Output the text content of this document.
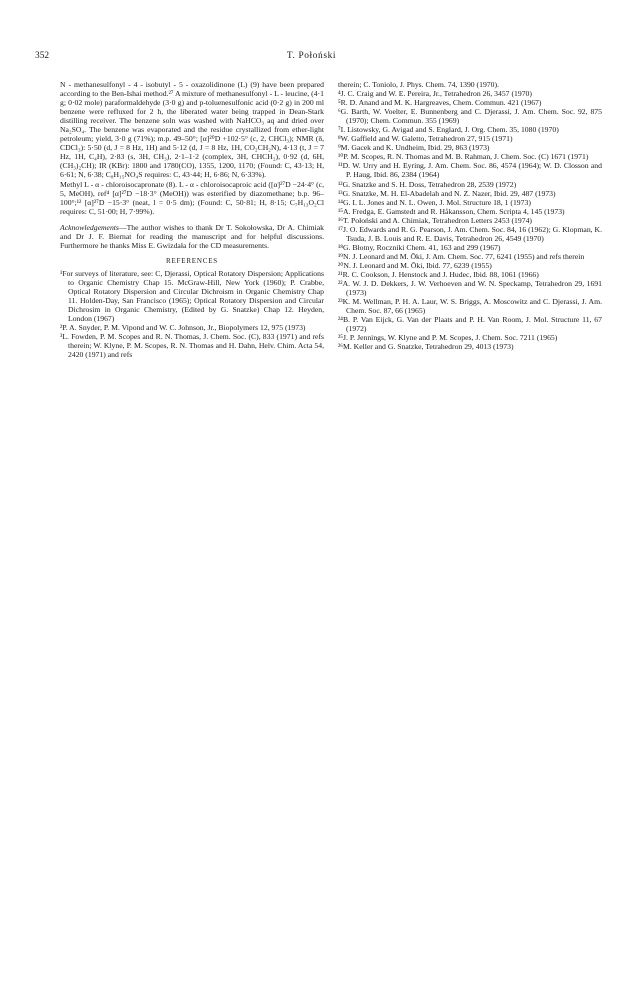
352	T. Połoński

N - methanesulfonyl - 4 - isobutyl - 5 - oxazolidinone (L) (9) have been prepared according to the Ben-Ishai method.²⁷ A mixture of methanesulfonyl - L - leucine, (4·1 g; 0·02 mole) paraformaldehyde (3·0 g) and p-toluenesulfonic acid (0·2 g) in 200 ml benzene were refluxed for 2 h, the liberated water being trapped in Dean-Stark distilling receiver. The benzene soln was washed with NaHCO₃ aq and dried over Na₂SO₄. The benzene was evaporated and the residue crystallized from ether-light petroleum; yield, 3·0 g (71%); m.p. 49–50°; [α]²⁰D +102·5° (c, 2, CHCl₃); NMR (δ, CDCl₃): 5·50 (d, J = 8 Hz, 1H) and 5·12 (d, J = 8 Hz, 1H, CO₂CH₂N), 4·13 (t, J = 7 Hz, 1H, C₄H), 2·83 (s, 3H, CH₃), 2·1–1·2 (complex, 3H, CHCH₂), 0·92 (d, 6H, (CH₃)₂CH); IR (KBr): 1800 and 1780(CO), 1355, 1200, 1170; (Found: C, 43·13; H, 6·61; N, 6·38; C₈H₁₅NO₄S requires: C, 43·44; H, 6·86; N, 6·33%).

Methyl L - α - chloroisocapronate (8). L - α - chloroisocaproic acid ([α]²⁷D −24·4° (c, 5, MeOH), ref⁴ [α]²⁷D −18·3° (MeOH)) was esterified by diazomethane; b.p. 96–100°;¹² [α]²⁷D −15·3° (neat, l = 0·5 dm); (Found: C, 50·81; H, 8·15; C₇H₁₃O₂Cl requires: C, 51·00; H, 7·99%).

Acknowledgements—The author wishes to thank Dr T. Sokołowska, Dr A. Chimiak and Dr J. F. Biernat for reading the manuscript and for helpful discussions. Furthermore he thanks Miss E. Gwizdała for the CD measurements.

REFERENCES

¹For surveys of literature, see: C, Djerassi, Optical Rotatory Dispersion; Applications to Organic Chemistry Chap 15. McGraw-Hill, New York (1960); P. Crabbe, Optical Rotatory Dispersion and Circular Dichroism in Organic Chemistry Chap 11. Holden-Day, San Francisco (1965); Optical Rotatory Dispersion and Circular Dichrosim in Organic Chemistry, (Edited by G. Snatzke) Chap 12. Heyden, London (1967)

²P. A. Snyder, P. M. Vipond and W. C. Johnson, Jr., Biopolymers 12, 975 (1973)

³L. Fowden, P. M. Scopes and R. N. Thomas, J. Chem. Soc. (C), 833 (1971) and refs therein; W. Klyne, P. M. Scopes, R. N. Thomas and H. Dahn, Helv. Chim. Acta 54, 2420 (1971) and refs

therein; C. Toniolo, J. Phys. Chem. 74, 1390 (1970).

⁴J. C. Craig and W. E. Pereira, Jr., Tetrahedron 26, 3457 (1970)

⁵R. D. Anand and M. K. Hargreaves, Chem. Commun. 421 (1967)

⁶G. Barth, W. Voelter, E. Bunnenberg and C. Djerassi, J. Am. Chem. Soc. 92, 875 (1970); Chem. Commun. 355 (1969)

⁷I. Listowsky, G. Avigad and S. Englard, J. Org. Chem. 35, 1080 (1970)

⁸W. Gaffield and W. Galetto, Tetrahedron 27, 915 (1971)

⁹M. Gacek and K. Undheim, Ibid. 29, 863 (1973)

¹⁰P. M. Scopes, R. N. Thomas and M. B. Rahman, J. Chem. Soc. (C) 1671 (1971)

¹¹D. W. Urry and H. Eyring, J. Am. Chem. Soc. 86, 4574 (1964); W. D. Closson and P. Haug, Ibid. 86, 2384 (1964)

¹²G. Snatzke and S. H. Doss, Tetrahedron 28, 2539 (1972)

¹³G. Snatzke, M. H. El-Abadelah and N. Z. Nazer, Ibid. 29, 487 (1973)

¹⁴G. I. L. Jones and N. L. Owen, J. Mol. Structure 18, 1 (1973)

¹⁵A. Fredga, E. Gamstedt and R. Håkansson, Chem. Scripta 4, 145 (1973)

¹⁶T. Połoński and A. Chimiak, Tetrahedron Letters 2453 (1974)

¹⁷J. O. Edwards and R. G. Pearson, J. Am. Chem. Soc. 84, 16 (1962); G. Klopman, K. Tsuda, J. B. Louis and R. E. Davis, Tetrahedron 26, 4549 (1970)

¹⁸G. Błotny, Roczniki Chem. 41, 163 and 299 (1967)

¹⁹N. J. Leonard and M. Ōki, J. Am. Chem. Soc. 77, 6241 (1955) and refs therein

²⁰N. J. Leonard and M. Ōki, Ibid. 77, 6239 (1955)

²¹R. C. Cookson, J. Henstock and J. Hudec, Ibid. 88, 1061 (1966)

²²A. W. J. D. Dekkers, J. W. Verhoeven and W. N. Speckamp, Tetrahedron 29, 1691 (1973)

²³K. M. Wellman, P. H. A. Laur, W. S. Briggs, A. Moscowitz and C. Djerassi, J. Am. Chem. Soc. 87, 66 (1965)

²⁴B. P. Van Eijck, G. Van der Plaats and P. H. Van Room, J. Mol. Structure 11, 67 (1972)

²⁵J. P. Jennings, W. Klyne and P. M. Scopes, J. Chem. Soc. 7211 (1965)

²⁶M. Keller and G. Snatzke, Tetrahedron 29, 4013 (1973)
